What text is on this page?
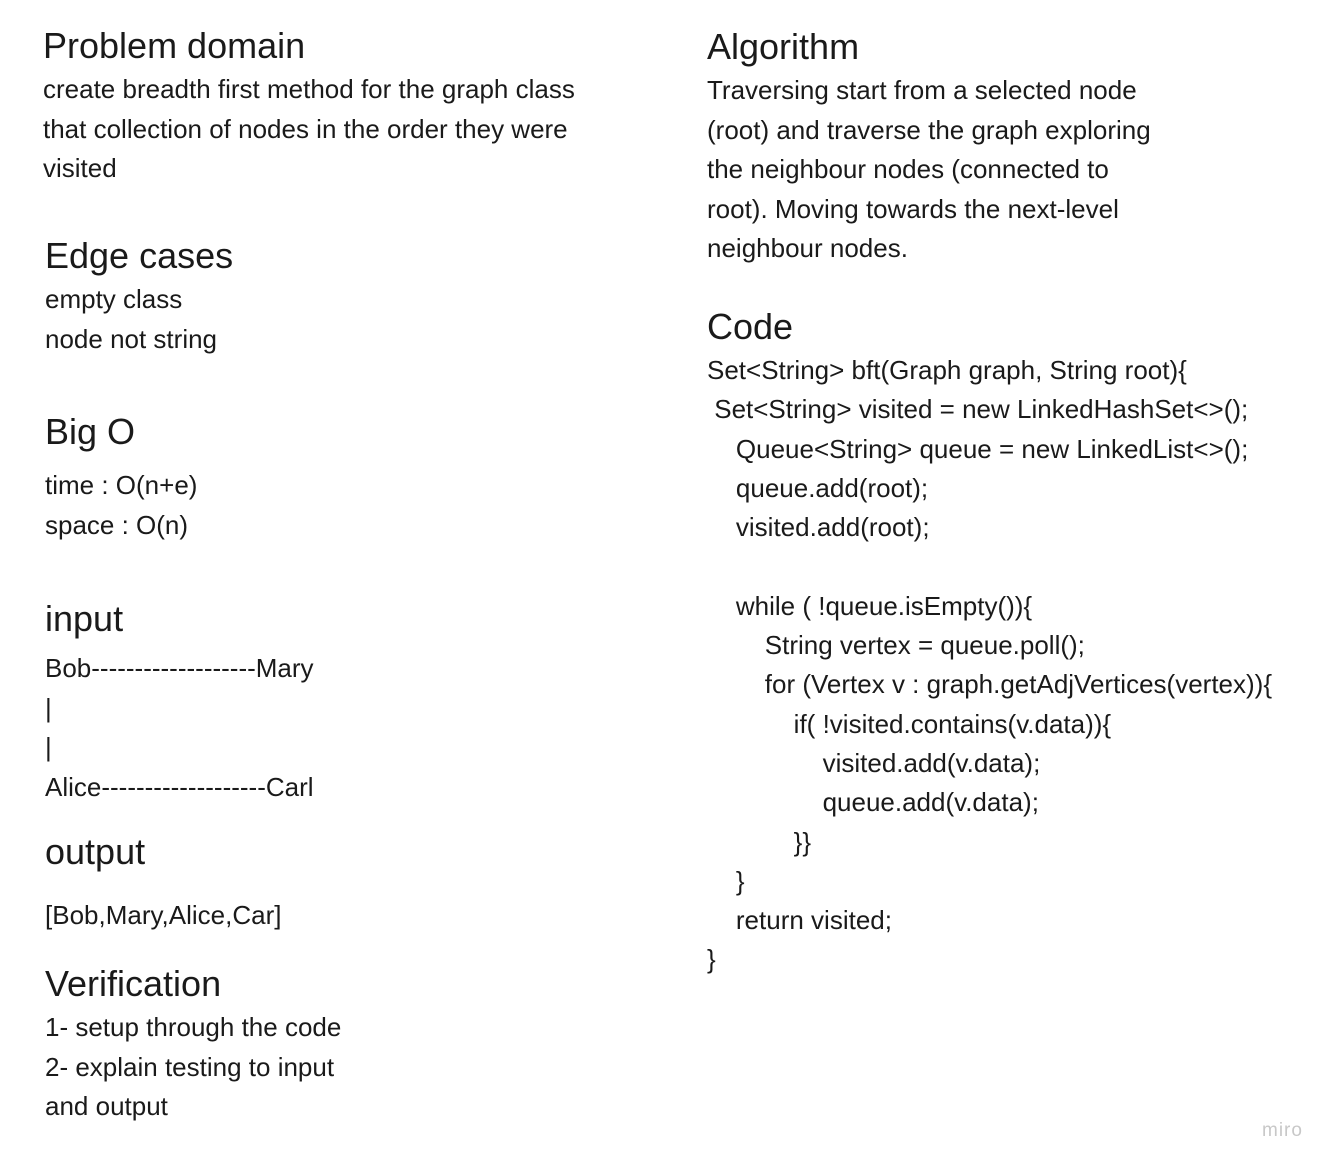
Problem domain
create breadth first method for the graph class
that collection of nodes in the order they were
visited
Edge cases
empty class
node not string
Big O
time : O(n+e)
space : O(n)
input
Bob-------------------Mary
|
|
Alice-------------------Carl
output
[Bob,Mary,Alice,Car]
Verification
1- setup through the code
2- explain testing to input
and output
Algorithm
Traversing start from a selected node
(root) and traverse the graph exploring
the neighbour nodes (connected to
root). Moving towards the next-level
neighbour nodes.
Code
Set<String> bft(Graph graph, String root){
Set<String> visited = new LinkedHashSet<>();
Queue<String> queue = new LinkedList<>();
queue.add(root);
visited.add(root);
while ( !queue.isEmpty()){
String vertex = queue.poll();
for (Vertex v : graph.getAdjVertices(vertex)){
if( !visited.contains(v.data)){
visited.add(v.data);
queue.add(v.data);
}}
}
return visited;
}
miro
